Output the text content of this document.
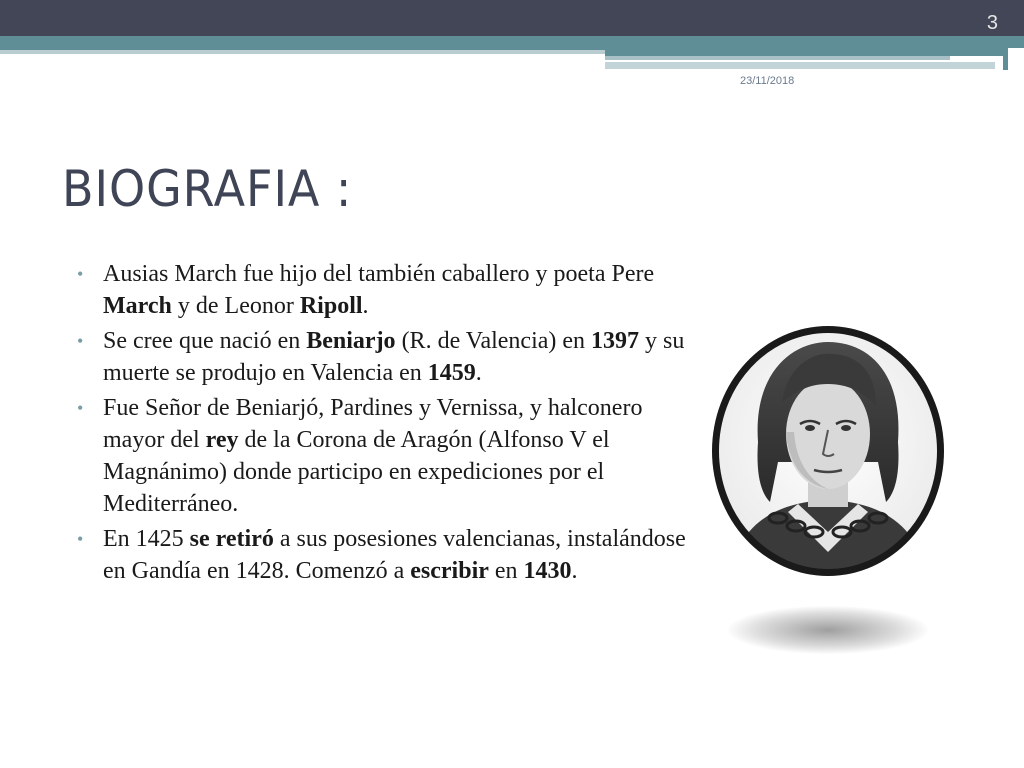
3
23/11/2018
BIOGRAFIA :
• Ausias March fue hijo del también caballero y poeta Pere March y de Leonor Ripoll.
• Se cree que nació en Beniarjo (R. de Valencia) en 1397 y su muerte se produjo en Valencia en 1459.
• Fue Señor de Beniarjó, Pardines y Vernissa, y halconero mayor del rey de la Corona de Aragón (Alfonso V el Magnánimo) donde participo en expediciones por el Mediterráneo.
• En 1425 se retiró a sus posesiones valencianas, instalándose en Gandía en 1428. Comenzó a escribir en 1430.
